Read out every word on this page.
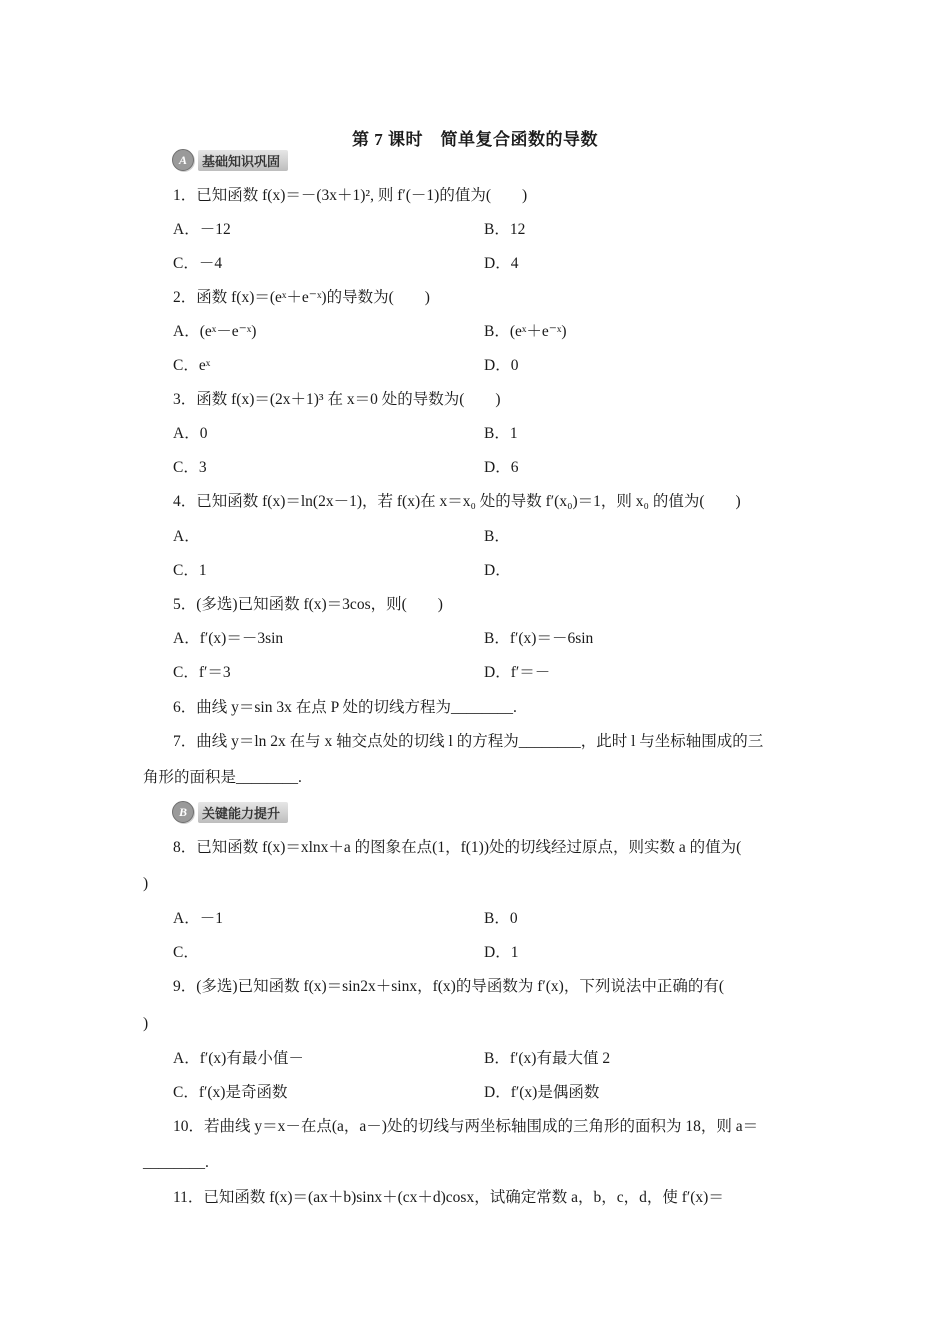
第 7 课时　简单复合函数的导数
A	基础知识巩固
1．已知函数 f(x)＝－(3x＋1)², 则 f′(－1)的值为(　　)
A．－12	B．12
C．－4	D．4
2．函数 f(x)＝(eˣ＋e⁻ˣ)的导数为(　　)
A．(eˣ－e⁻ˣ)	B．(eˣ＋e⁻ˣ)
C．eˣ	D．0
3．函数 f(x)＝(2x＋1)³ 在 x＝0 处的导数为(　　)
A．0	B．1
C．3	D．6
4．已知函数 f(x)＝ln(2x－1)，若 f(x)在 x＝x₀ 处的导数 f′(x₀)＝1，则 x₀ 的值为(　　)
A．	B．
C．1	D．
5．(多选)已知函数 f(x)＝3cos，则(　　)
A．f′(x)＝－3sin	B．f′(x)＝－6sin
C．f′＝3	D．f′＝－
6．曲线 y＝sin 3x 在点 P 处的切线方程为________.
7．曲线 y＝ln 2x 在与 x 轴交点处的切线 l 的方程为________，此时 l 与坐标轴围成的三
角形的面积是________.
B	关键能力提升
8．已知函数 f(x)＝xlnx＋a 的图象在点(1，f(1))处的切线经过原点，则实数 a 的值为(
)
A．－1	B．0
C．	D．1
9．(多选)已知函数 f(x)＝sin2x＋sinx，f(x)的导函数为 f′(x)，下列说法中正确的有(
)
A．f′(x)有最小值－	B．f′(x)有最大值 2
C．f′(x)是奇函数	D．f′(x)是偶函数
10．若曲线 y＝x－在点(a，a－)处的切线与两坐标轴围成的三角形的面积为 18，则 a＝
________.
11．已知函数 f(x)＝(ax＋b)sinx＋(cx＋d)cosx，试确定常数 a，b，c，d，使 f′(x)＝
